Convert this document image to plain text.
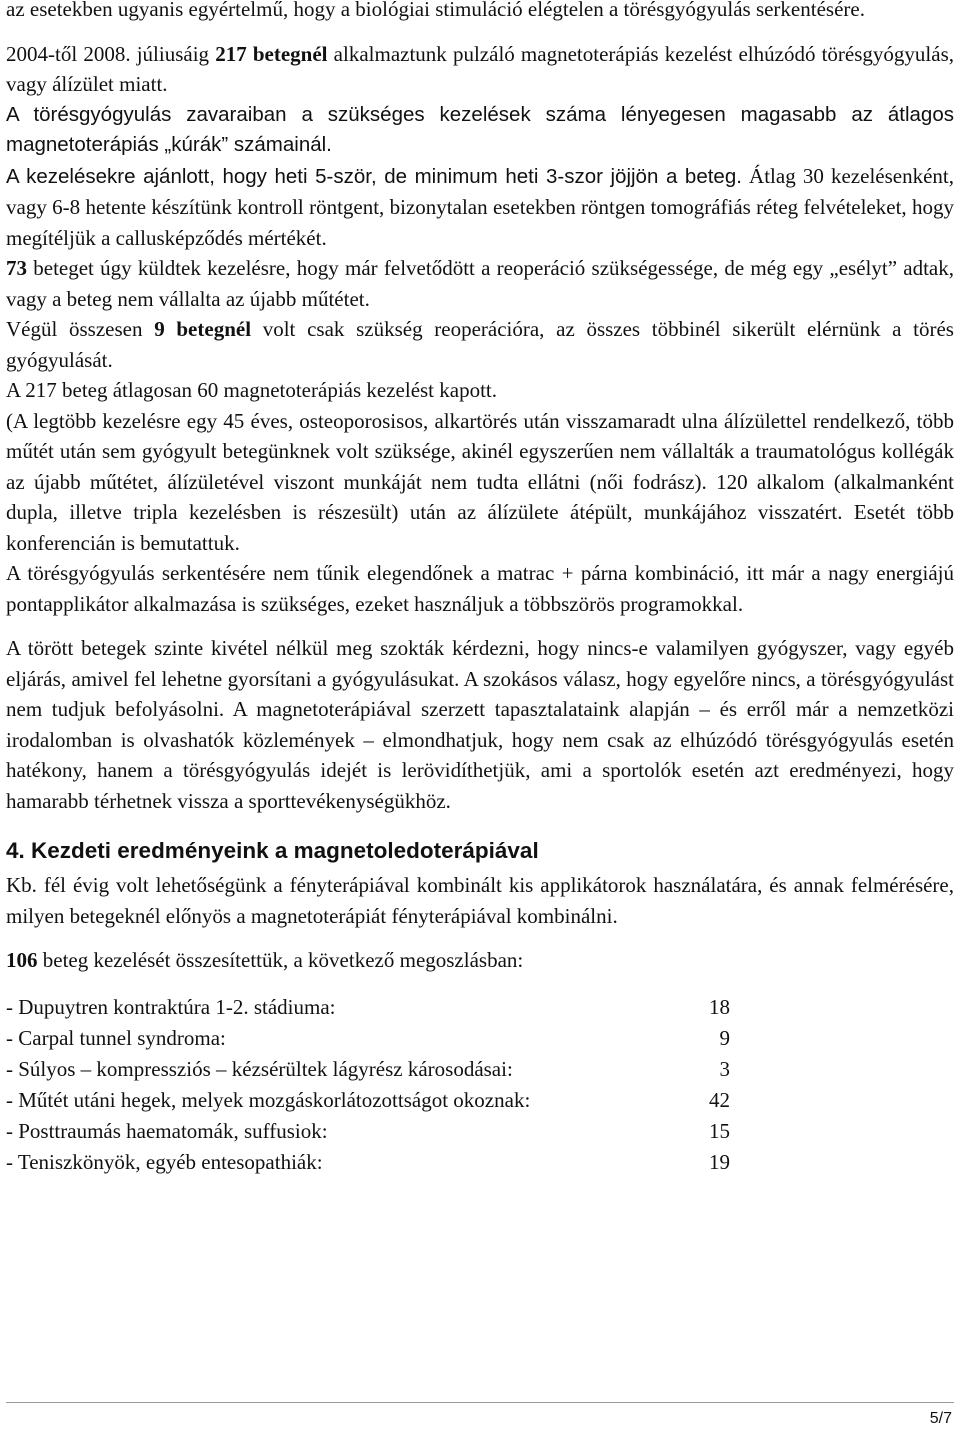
az esetekben ugyanis egyértelmű, hogy a biológiai stimuláció elégtelen a törésgyógyulás serkentésére.

2004-től 2008. júliusáig 217 betegnél alkalmaztunk pulzáló magnetoterápiás kezelést elhúzódó törésgyógyulás, vagy álízület miatt.

A törésgyógyulás zavaraiban a szükséges kezelések száma lényegesen magasabb az átlagos magnetoterápiás „kúrák” számainál.

A kezelésekre ajánlott, hogy heti 5-ször, de minimum heti 3-szor jöjjön a beteg. Átlag 30 kezelésenként, vagy 6-8 hetente készítünk kontroll röntgent, bizonytalan esetekben röntgen tomográfiás réteg felvételeket, hogy megítéljük a callusképződés mértékét.

73 beteget úgy küldtek kezelésre, hogy már felvetődött a reoperáció szükségessége, de még egy „esélyt” adtak, vagy a beteg nem vállalta az újabb műtétet.

Végül összesen 9 betegnél volt csak szükség reoperációra, az összes többinél sikerült elérnünk a törés gyógyulását.

A 217 beteg átlagosan 60 magnetoterápiás kezelést kapott.

(A legtöbb kezelésre egy 45 éves, osteoporosisos, alkartörés után visszamaradt ulna álízülettel rendelkező, több műtét után sem gyógyult betegünknek volt szüksége, akinél egyszerűen nem vállalták a traumatológus kollégák az újabb műtétet, álízületével viszont munkáját nem tudta ellátni (női fodrász). 120 alkalom (alkalmanként dupla, illetve tripla kezelésben is részesült) után az álízülete átépült, munkájához visszatért. Esetét több konferencián is bemutattuk.

A törésgyógyulás serkentésére nem tűnik elegendőnek a matrac + párna kombináció, itt már a nagy energiájú pontapplikátor alkalmazása is szükséges, ezeket használjuk a többszörös programokkal.

A törött betegek szinte kivétel nélkül meg szokták kérdezni, hogy nincs-e valamilyen gyógyszer, vagy egyéb eljárás, amivel fel lehetne gyorsítani a gyógyulásukat. A szokásos válasz, hogy egyelőre nincs, a törésgyógyulást nem tudjuk befolyásolni. A magnetoterápiával szerzett tapasztalataink alapján – és erről már a nemzetközi irodalomban is olvashatók közlemények – elmondhatjuk, hogy nem csak az elhúzódó törésgyógyulás esetén hatékony, hanem a törésgyógyulás idejét is lerövidíthetjük, ami a sportolók esetén azt eredményezi, hogy hamarabb térhetnek vissza a sporttevékenységükhöz.

4. Kezdeti eredményeink a magnetoledoterápiával

Kb. fél évig volt lehetőségünk a fényterápiával kombinált kis applikátorok használatára, és annak felmérésére, milyen betegeknél előnyös a magnetoterápiát fényterápiával kombinálni.

106 beteg kezelését összesítettük, a következő megoszlásban:

- Dupuytren kontraktúra 1-2. stádiuma:	18
- Carpal tunnel syndroma:	9
- Súlyos – kompressziós – kézsérültek lágyrész károsodásai:	3
- Műtét utáni hegek, melyek mozgáskorlátozottságot okoznak:	42
- Posttraumás haematomák, suffusiok:	15
- Teniszkönyök, egyéb entesopathiák:	19
5/7
